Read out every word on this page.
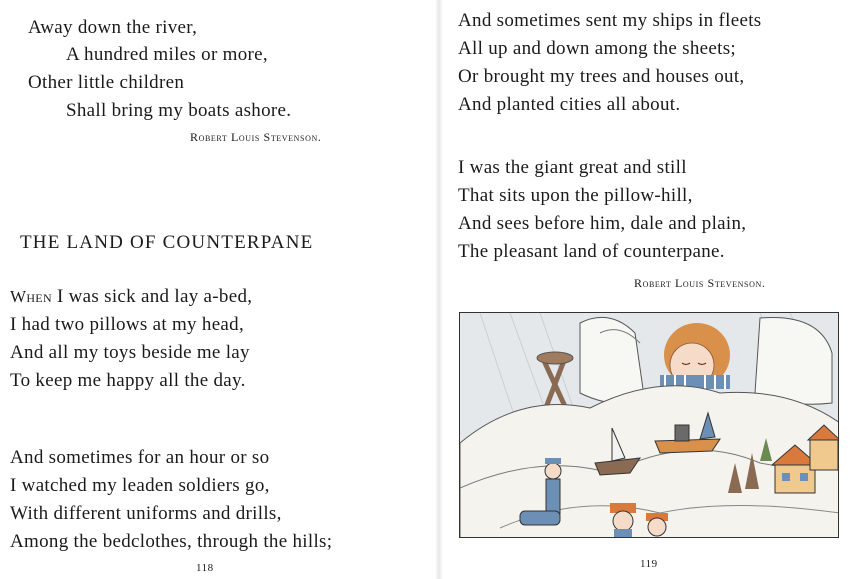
Away down the river,
A hundred miles or more,
Other little children
Shall bring my boats ashore.
Robert Louis Stevenson.
THE LAND OF COUNTERPANE
When I was sick and lay a-bed,
I had two pillows at my head,
And all my toys beside me lay
To keep me happy all the day.
And sometimes for an hour or so
I watched my leaden soldiers go,
With different uniforms and drills,
Among the bedclothes, through the hills;
118
And sometimes sent my ships in fleets
All up and down among the sheets;
Or brought my trees and houses out,
And planted cities all about.
I was the giant great and still
That sits upon the pillow-hill,
And sees before him, dale and plain,
The pleasant land of counterpane.
Robert Louis Stevenson.
119
